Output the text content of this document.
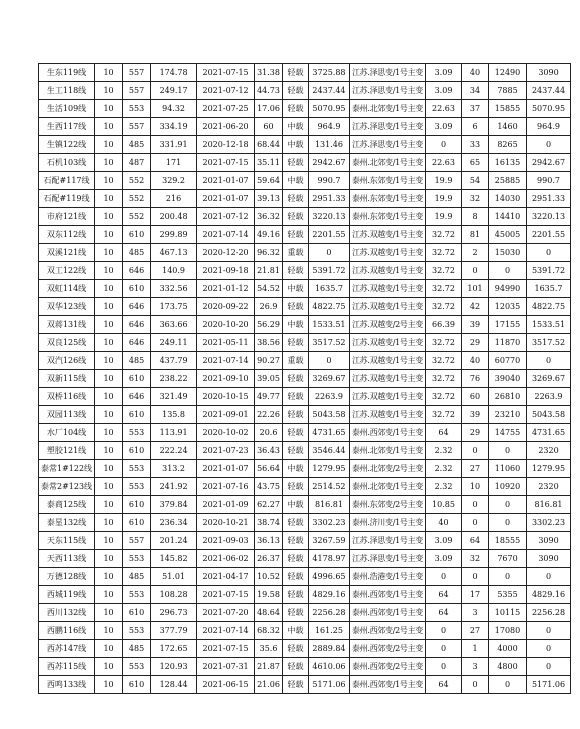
生东119线	10	557	174.78	2021-07-15	31.38	轻载	3725.88	江苏.泽思变/1号主变	3.09	40	12490	3090
生工118线	10	557	249.17	2021-07-12	44.73	轻载	2437.44	江苏.泽思变/1号主变	3.09	34	7885	2437.44
生活109线	10	553	94.32	2021-07-25	17.06	轻载	5070.95	泰州.北郊变/1号主变	22.63	37	15855	5070.95
生西117线	10	557	334.19	2021-06-20	60	中载	964.9	江苏.泽思变/1号主变	3.09	6	1460	964.9
生镇122线	10	485	331.91	2020-12-18	68.44	中载	131.46	江苏.泽思变/1号主变	0	33	8265	0
石机103线	10	487	171	2021-07-15	35.11	轻载	2942.67	泰州.北郊变/1号主变	22.63	65	16135	2942.67
石配#117线	10	552	329.2	2021-01-07	59.64	中载	990.7	泰州.东郊变/1号主变	19.9	54	25885	990.7
石配#119线	10	552	216	2021-01-07	39.13	轻载	2951.33	泰州.东郊变/1号主变	19.9	32	14030	2951.33
市府121线	10	552	200.48	2021-07-12	36.32	轻载	3220.13	泰州.东郊变/1号主变	19.9	8	14410	3220.13
双东112线	10	610	299.89	2021-07-14	49.16	轻载	2201.55	江苏.双越变/1号主变	32.72	81	45005	2201.55
双溪121线	10	485	467.13	2020-12-20	96.32	重载	0	江苏.双越变/1号主变	32.72	2	15030	0
双工122线	10	646	140.9	2021-09-18	21.81	轻载	5391.72	江苏.双越变/1号主变	32.72	0	0	5391.72
双虹114线	10	610	332.56	2021-01-12	54.52	中载	1635.7	江苏.双越变/1号主变	32.72	101	94990	1635.7
双华123线	10	646	173.75	2020-09-22	26.9	轻载	4822.75	江苏.双越变/1号主变	32.72	42	12035	4822.75
双蒋131线	10	646	363.66	2020-10-20	56.29	中载	1533.51	江苏.双越变/2号主变	66.39	39	17155	1533.51
双良125线	10	646	249.11	2021-05-11	38.56	轻载	3517.52	江苏.双越变/1号主变	32.72	29	11870	3517.52
双汽126线	10	485	437.79	2021-07-14	90.27	重载	0	江苏.双越变/1号主变	32.72	40	60770	0
双新115线	10	610	238.22	2021-09-10	39.05	轻载	3269.67	江苏.双越变/1号主变	32.72	76	39040	3269.67
双桥116线	10	646	321.49	2020-10-15	49.77	轻载	2263.9	江苏.双越变/1号主变	32.72	60	26810	2263.9
双园113线	10	610	135.8	2021-09-01	22.26	轻载	5043.58	江苏.双越变/1号主变	32.72	39	23210	5043.58
水厂104线	10	553	113.91	2020-10-02	20.6	轻载	4731.65	泰州.西郊变/1号主变	64	29	14755	4731.65
塑胶121线	10	610	222.24	2021-07-23	36.43	轻载	3546.44	泰州.北郊变/1号主变	2.32	0	0	2320
泰常1#122线	10	553	313.2	2021-01-07	56.64	中载	1279.95	泰州.北郊变/2号主变	2.32	27	11060	1279.95
泰常2#123线	10	553	241.92	2021-07-16	43.75	轻载	2514.52	泰州.北郊变/1号主变	2.32	10	10920	2320
泰商125线	10	610	379.84	2021-01-09	62.27	中载	816.81	泰州.东郊变/2号主变	10.85	0	0	816.81
泰星132线	10	610	236.34	2020-10-21	38.74	轻载	3302.23	泰州.济川变/1号主变	40	0	0	3302.23
天东115线	10	557	201.24	2021-09-03	36.13	轻载	3267.59	江苏.泽思变/1号主变	3.09	64	18555	3090
天西113线	10	553	145.82	2021-06-02	26.37	轻载	4178.97	江苏.泽思变/1号主变	3.09	32	7670	3090
万德128线	10	485	51.01	2021-04-17	10.52	轻载	4996.65	泰州.浩港变/1号主变	0	0	0	0
西城119线	10	553	108.28	2021-07-15	19.58	轻载	4829.16	泰州.西郊变/1号主变	64	17	5355	4829.16
西川132线	10	610	296.73	2021-07-20	48.64	轻载	2256.28	泰州.西郊变/1号主变	64	3	10115	2256.28
西鹏116线	10	553	377.79	2021-07-14	68.32	中载	161.25	泰州.西郊变/2号主变	0	27	17080	0
西苏147线	10	485	172.65	2021-07-15	35.6	轻载	2889.84	泰州.西郊变/2号主变	0	1	4000	0
西苏115线	10	553	120.93	2021-07-31	21.87	轻载	4610.06	泰州.西郊变/2号主变	0	3	4800	0
西鸣133线	10	610	128.44	2021-06-15	21.06	轻载	5171.06	泰州.西郊变/1号主变	64	0	0	5171.06
